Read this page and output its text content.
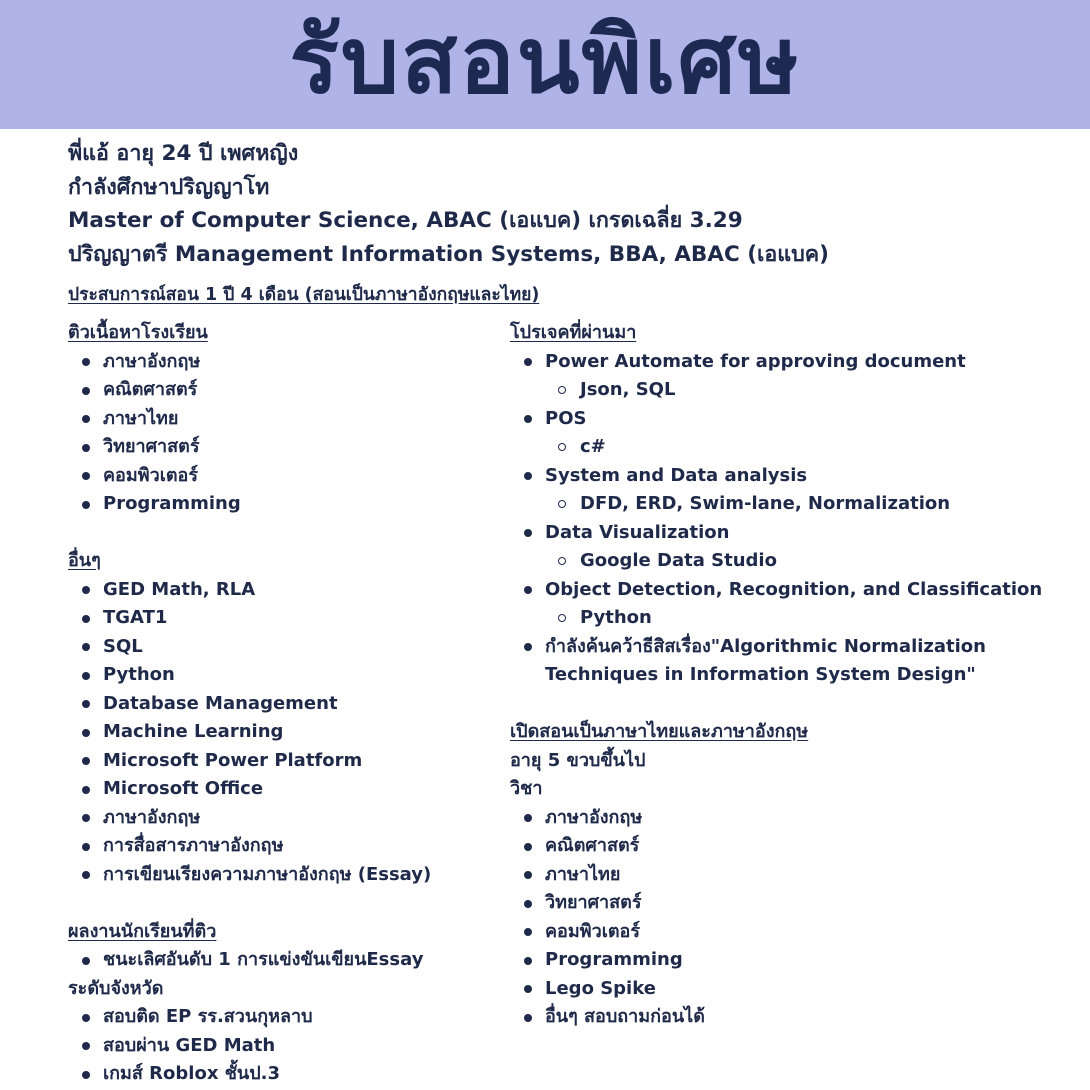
รับสอนพิเศษ
พี่แอ้ อายุ 24 ปี เพศหญิง
กำลังศึกษาปริญญาโท
Master of Computer Science, ABAC (เอแบค) เกรดเฉลี่ย 3.29
ปริญญาตรี Management Information Systems, BBA, ABAC (เอแบค)
ประสบการณ์สอน 1 ปี 4 เดือน (สอนเป็นภาษาอังกฤษและไทย)
ติวเนื้อหาโรงเรียน
ภาษาอังกฤษ
คณิตศาสตร์
ภาษาไทย
วิทยาศาสตร์
คอมพิวเตอร์
Programming
อื่นๆ
GED Math, RLA
TGAT1
SQL
Python
Database Management
Machine Learning
Microsoft Power Platform
Microsoft Office
ภาษาอังกฤษ
การสื่อสารภาษาอังกฤษ
การเขียนเรียงความภาษาอังกฤษ (Essay)
ผลงานนักเรียนที่ติว
ชนะเลิศอันดับ 1 การแข่งขันเขียนEssay
ระดับจังหวัด
สอบติด EP รร.สวนกุหลาบ
สอบผ่าน GED Math
เกมส์ Roblox ชั้นป.3
โปรเจคที่ผ่านมา
Power Automate for approving document
Json, SQL
POS
c#
System and Data analysis
DFD, ERD, Swim-lane, Normalization
Data Visualization
Google Data Studio
Object Detection, Recognition, and Classification
Python
กำลังค้นคว้าธีสิสเรื่อง"Algorithmic Normalization
Techniques in Information System Design"
เปิดสอนเป็นภาษาไทยและภาษาอังกฤษ
อายุ 5 ขวบขึ้นไป
วิชา
ภาษาอังกฤษ
คณิตศาสตร์
ภาษาไทย
วิทยาศาสตร์
คอมพิวเตอร์
Programming
Lego Spike
อื่นๆ สอบถามก่อนได้
